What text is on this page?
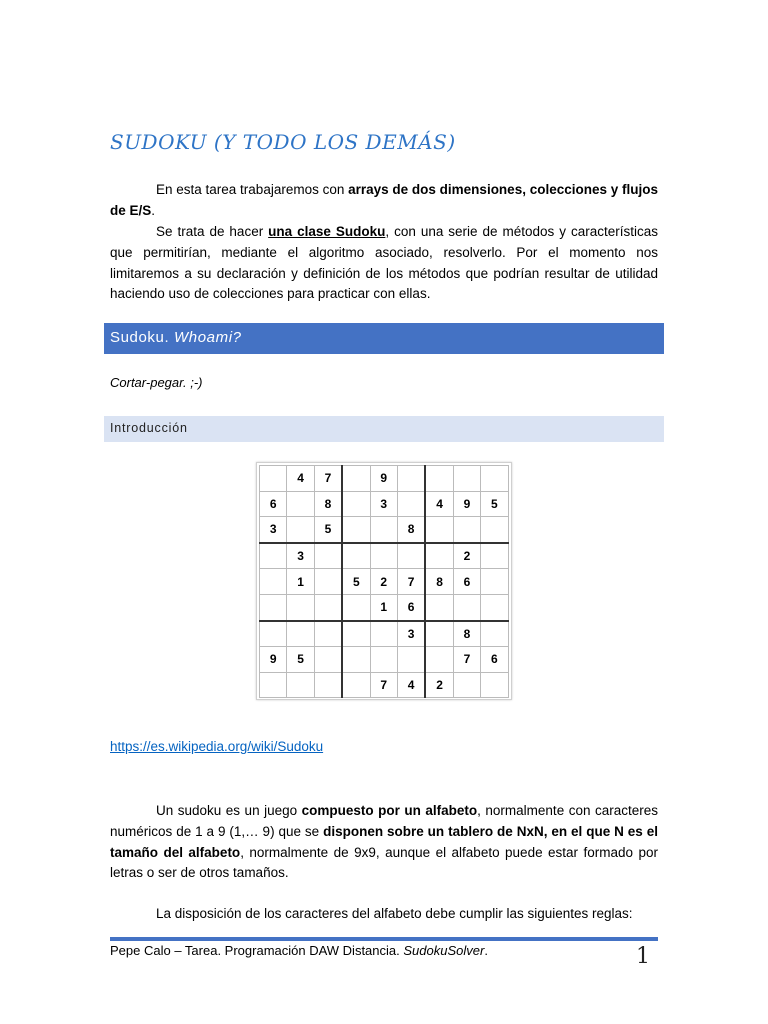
SUDOKU (Y TODO LOS DEMÁS)
En esta tarea trabajaremos con arrays de dos dimensiones, colecciones y flujos de E/S.
Se trata de hacer una clase Sudoku, con una serie de métodos y características que permitirían, mediante el algoritmo asociado, resolverlo. Por el momento nos limitaremos a su declaración y definición de los métodos que podrían resultar de utilidad haciendo uso de colecciones para practicar con ellas.
Sudoku. Whoami?
Cortar-pegar. ;-)
Introducción
	4	7		9				
6		8		3		4	9	5
3		5			8			
	3						2	
	1		5	2	7	8	6	
				1	6			
					3		8	
9	5						7	6
				7	4	2		
https://es.wikipedia.org/wiki/Sudoku
Un sudoku es un juego compuesto por un alfabeto, normalmente con caracteres numéricos de 1 a 9 (1,… 9) que se disponen sobre un tablero de NxN, en el que N es el tamaño del alfabeto, normalmente de 9x9, aunque el alfabeto puede estar formado por letras o ser de otros tamaños.
La disposición de los caracteres del alfabeto debe cumplir las siguientes reglas:
Pepe Calo – Tarea. Programación DAW Distancia. SudokuSolver.	1
